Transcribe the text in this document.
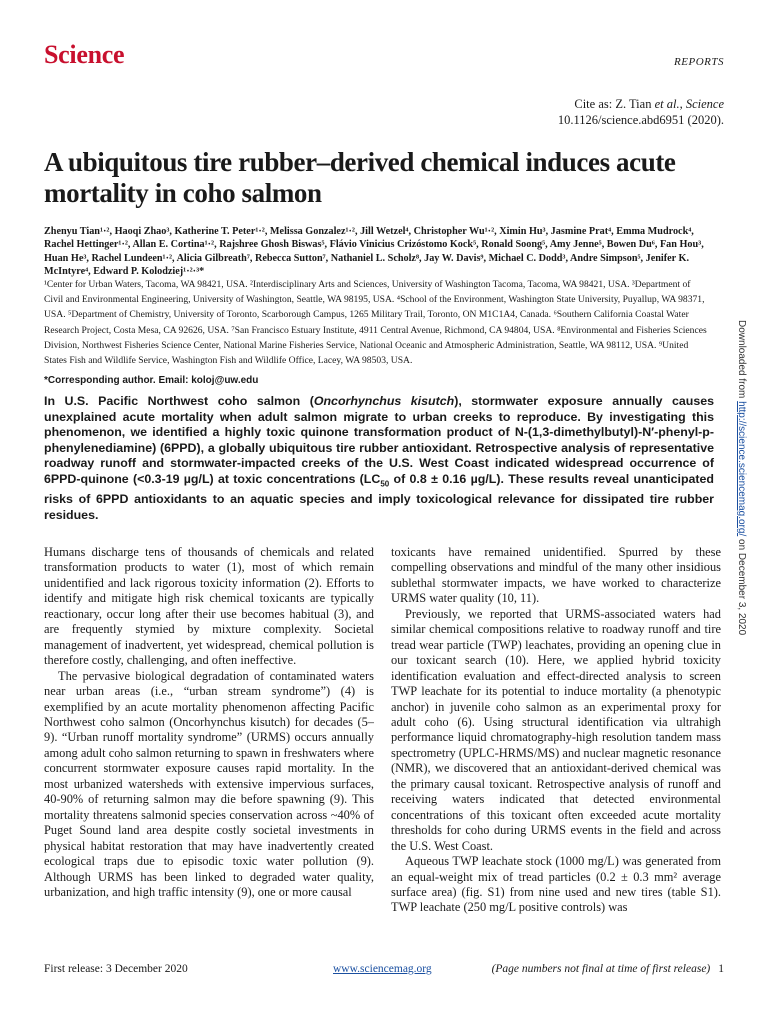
Science	REPORTS
Cite as: Z. Tian et al., Science
10.1126/science.abd6951 (2020).
A ubiquitous tire rubber–derived chemical induces acute mortality in coho salmon
Zhenyu Tian¹·², Haoqi Zhao³, Katherine T. Peter¹·², Melissa Gonzalez¹·², Jill Wetzel⁴, Christopher Wu¹·², Ximin Hu³, Jasmine Prat⁴, Emma Mudrock⁴, Rachel Hettinger¹·², Allan E. Cortina¹·², Rajshree Ghosh Biswas⁵, Flávio Vinicius Crizóstomo Kock⁵, Ronald Soong⁵, Amy Jenne⁵, Bowen Du⁶, Fan Hou³, Huan He³, Rachel Lundeen¹·², Alicia Gilbreath⁷, Rebecca Sutton⁷, Nathaniel L. Scholz⁸, Jay W. Davis⁹, Michael C. Dodd³, Andre Simpson⁵, Jenifer K. McIntyre⁴, Edward P. Kolodziej¹·²·³*
¹Center for Urban Waters, Tacoma, WA 98421, USA. ²Interdisciplinary Arts and Sciences, University of Washington Tacoma, Tacoma, WA 98421, USA. ³Department of Civil and Environmental Engineering, University of Washington, Seattle, WA 98195, USA. ⁴School of the Environment, Washington State University, Puyallup, WA 98371, USA. ⁵Department of Chemistry, University of Toronto, Scarborough Campus, 1265 Military Trail, Toronto, ON M1C1A4, Canada. ⁶Southern California Coastal Water Research Project, Costa Mesa, CA 92626, USA. ⁷San Francisco Estuary Institute, 4911 Central Avenue, Richmond, CA 94804, USA. ⁸Environmental and Fisheries Sciences Division, Northwest Fisheries Science Center, National Marine Fisheries Service, National Oceanic and Atmospheric Administration, Seattle, WA 98112, USA. ⁹United States Fish and Wildlife Service, Washington Fish and Wildlife Office, Lacey, WA 98503, USA.
*Corresponding author. Email: koloj@uw.edu
In U.S. Pacific Northwest coho salmon (Oncorhynchus kisutch), stormwater exposure annually causes unexplained acute mortality when adult salmon migrate to urban creeks to reproduce. By investigating this phenomenon, we identified a highly toxic quinone transformation product of N-(1,3-dimethylbutyl)-N′-phenyl-p-phenylenediamine) (6PPD), a globally ubiquitous tire rubber antioxidant. Retrospective analysis of representative roadway runoff and stormwater-impacted creeks of the U.S. West Coast indicated widespread occurrence of 6PPD-quinone (<0.3-19 µg/L) at toxic concentrations ($LC_{50}$ of 0.8 ± 0.16 µg/L). These results reveal unanticipated risks of 6PPD antioxidants to an aquatic species and imply toxicological relevance for dissipated tire rubber residues.
Downloaded from http://science.sciencemag.org/ on December 3, 2020

Humans discharge tens of thousands of chemicals and related transformation products to water (1), most of which remain unidentified and lack rigorous toxicity information (2). Efforts to identify and mitigate high risk chemical toxicants are typically reactionary, occur long after their use becomes habitual (3), and are frequently stymied by mixture complexity. Societal management of inadvertent, yet widespread, chemical pollution is therefore costly, challenging, and often ineffective.

The pervasive biological degradation of contaminated waters near urban areas (i.e., “urban stream syndrome”) (4) is exemplified by an acute mortality phenomenon affecting Pacific Northwest coho salmon (Oncorhynchus kisutch) for decades (5–9). “Urban runoff mortality syndrome” (URMS) occurs annually among adult coho salmon returning to spawn in freshwaters where concurrent stormwater exposure causes rapid mortality. In the most urbanized watersheds with extensive impervious surfaces, 40-90% of returning salmon may die before spawning (9). This mortality threatens salmonid species conservation across ~40% of Puget Sound land area despite costly societal investments in physical habitat restoration that may have inadvertently created ecological traps due to episodic toxic water pollution (9). Although URMS has been linked to degraded water quality, urbanization, and high traffic intensity (9), one or more causal

toxicants have remained unidentified. Spurred by these compelling observations and mindful of the many other insidious sublethal stormwater impacts, we have worked to characterize URMS water quality (10, 11).

Previously, we reported that URMS-associated waters had similar chemical compositions relative to roadway runoff and tire tread wear particle (TWP) leachates, providing an opening clue in our toxicant search (10). Here, we applied hybrid toxicity identification evaluation and effect-directed analysis to screen TWP leachate for its potential to induce mortality (a phenotypic anchor) in juvenile coho salmon as an experimental proxy for adult coho (6). Using structural identification via ultrahigh performance liquid chromatography-high resolution tandem mass spectrometry (UPLC-HRMS/MS) and nuclear magnetic resonance (NMR), we discovered that an antioxidant-derived chemical was the primary causal toxicant. Retrospective analysis of runoff and receiving waters indicated that detected environmental concentrations of this toxicant often exceeded acute mortality thresholds for coho during URMS events in the field and across the U.S. West Coast.

Aqueous TWP leachate stock (1000 mg/L) was generated from an equal-weight mix of tread particles (0.2 ± 0.3 mm² average surface area) (fig. S1) from nine used and new tires (table S1). TWP leachate (250 mg/L positive controls) was

First release: 3 December 2020	www.sciencemag.org	(Page numbers not final at time of first release) 1
